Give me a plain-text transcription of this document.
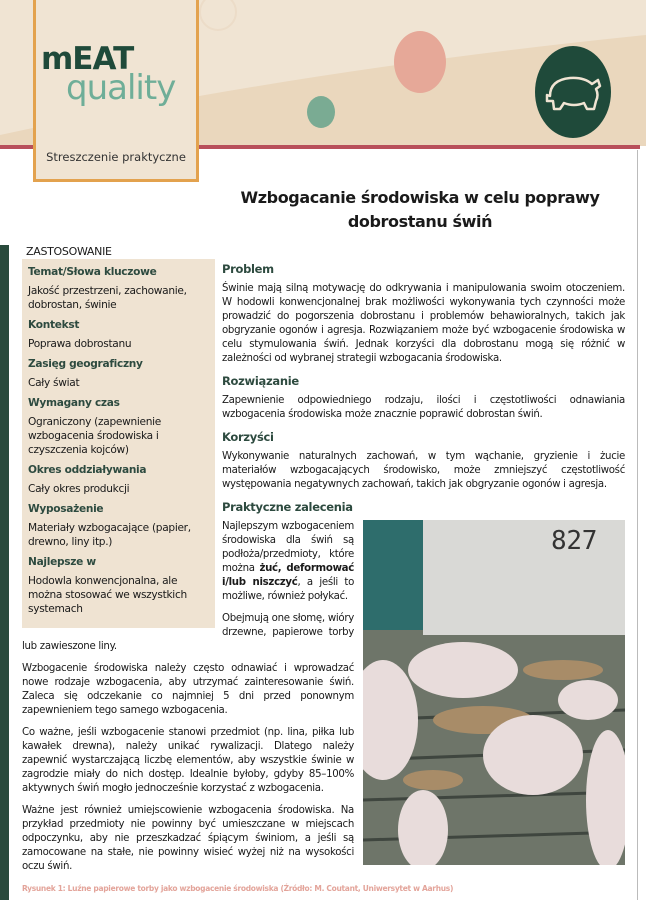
mEAT
quality
Streszczenie praktyczne
Wzbogacanie środowiska w celu poprawy
dobrostanu świń
ZASTOSOWANIE
Temat/Słowa kluczowe
Jakość przestrzeni, zachowanie, dobrostan, świnie
Kontekst
Poprawa dobrostanu
Zasięg geograficzny
Cały świat
Wymagany czas
Ograniczony (zapewnienie wzbogacenia środowiska i czyszczenia kojców)
Okres oddziaływania
Cały okres produkcji
Wyposażenie
Materiały wzbogacające (papier, drewno, liny itp.)
Najlepsze w
Hodowla konwencjonalna, ale można stosować we wszystkich systemach
Problem

Świnie mają silną motywację do odkrywania i manipulowania swoim otoczeniem. W hodowli konwencjonalnej brak możliwości wykonywania tych czynności może prowadzić do pogorszenia dobrostanu i problemów behawioralnych, takich jak obgryzanie ogonów i agresja. Rozwiązaniem może być wzbogacenie środowiska w celu stymulowania świń. Jednak korzyści dla dobrostanu mogą się różnić w zależności od wybranej strategii wzbogacania środowiska.

Rozwiązanie

Zapewnienie odpowiedniego rodzaju, ilości i częstotliwości odnawiania wzbogacenia środowiska może znacznie poprawić dobrostan świń.

Korzyści

Wykonywanie naturalnych zachowań, w tym wąchanie, gryzienie i żucie materiałów wzbogacających środowisko, może zmniejszyć częstotliwość występowania negatywnych zachowań, takich jak obgryzanie ogonów i agresja.

Praktyczne zalecenia
827

Najlepszym wzbogaceniem środowiska dla świń są podłoża/przedmioty, które można żuć, deformować i/lub niszczyć, a jeśli to możliwe, również połykać.

Obejmują one słomę, wióry drzewne, papierowe torby lub zawieszone liny.

Wzbogacenie środowiska należy często odnawiać i wprowadzać nowe rodzaje wzbogacenia, aby utrzymać zainteresowanie świń. Zaleca się odczekanie co najmniej 5 dni przed ponownym zapewnieniem tego samego wzbogacenia.

Co ważne, jeśli wzbogacenie stanowi przedmiot (np. lina, piłka lub kawałek drewna), należy unikać rywalizacji. Dlatego należy zapewnić wystarczającą liczbę elementów, aby wszystkie świnie w zagrodzie miały do nich dostęp. Idealnie byłoby, gdyby 85–100% aktywnych świń mogło jednocześnie korzystać z wzbogacenia.

Ważne jest również umiejscowienie wzbogacenia środowiska. Na przykład przedmioty nie powinny być umieszczane w miejscach odpoczynku, aby nie przeszkadzać śpiącym świniom, a jeśli są zamocowane na stałe, nie powinny wisieć wyżej niż na wysokości oczu świń.

Rysunek 1: Luźne papierowe torby jako wzbogacenie środowiska (Źródło: M. Coutant, Uniwersytet w Aarhus)
